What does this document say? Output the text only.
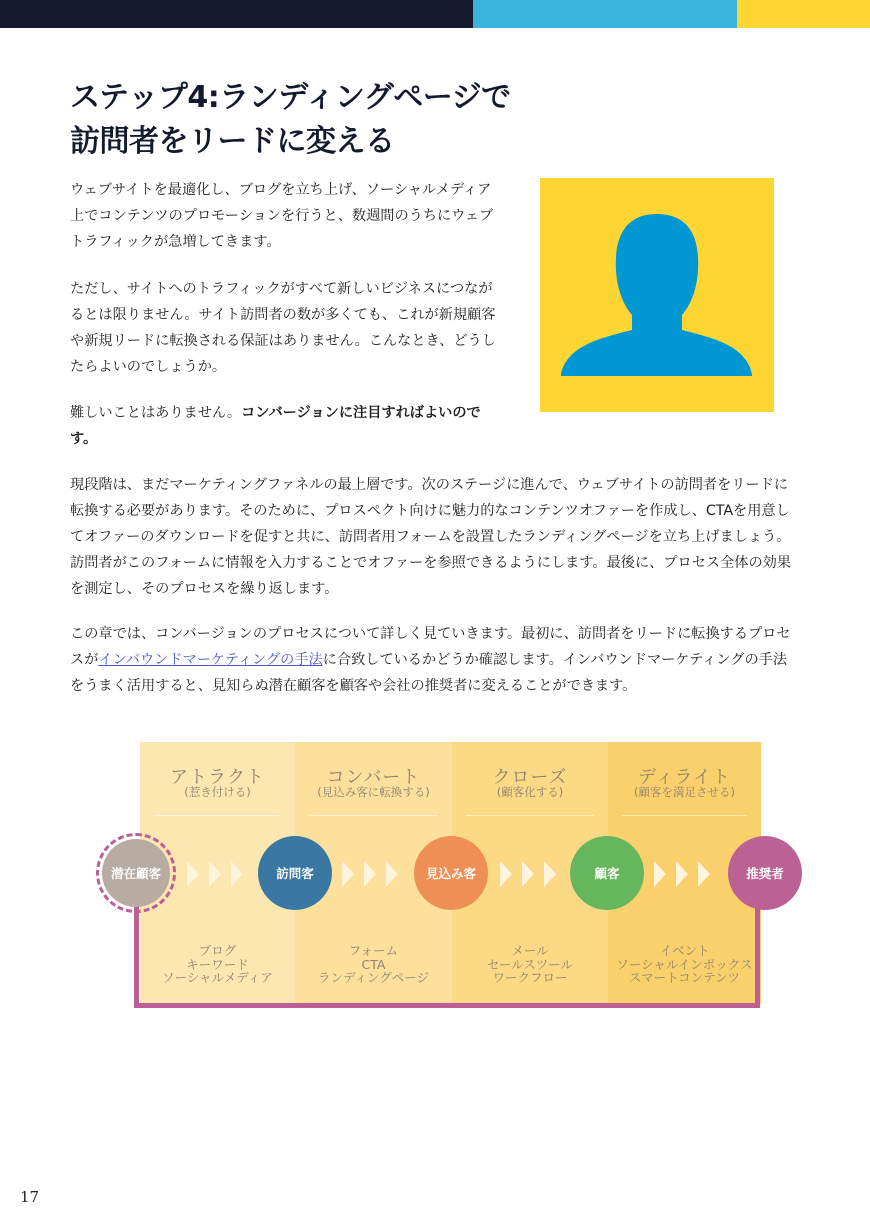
ステップ4:ランディングページで
訪問者をリードに変える

ウェブサイトを最適化し、ブログを立ち上げ、ソーシャルメディア上でコンテンツのプロモーションを行うと、数週間のうちにウェブトラフィックが急増してきます。

ただし、サイトへのトラフィックがすべて新しいビジネスにつながるとは限りません。サイト訪問者の数が多くても、これが新規顧客や新規リードに転換される保証はありません。こんなとき、どうしたらよいのでしょうか。

難しいことはありません。コンバージョンに注目すればよいのです。

現段階は、まだマーケティングファネルの最上層です。次のステージに進んで、ウェブサイトの訪問者をリードに転換する必要があります。そのために、プロスペクト向けに魅力的なコンテンツオファーを作成し、CTAを用意してオファーのダウンロードを促すと共に、訪問者用フォームを設置したランディングページを立ち上げましょう。訪問者がこのフォームに情報を入力することでオファーを参照できるようにします。最後に、プロセス全体の効果を測定し、そのプロセスを繰り返します。

この章では、コンバージョンのプロセスについて詳しく見ていきます。最初に、訪問者をリードに転換するプロセスがインバウンドマーケティングの手法に合致しているかどうか確認します。インバウンドマーケティングの手法をうまく活用すると、見知らぬ潜在顧客を顧客や会社の推奨者に変えることができます。

アトラクト
(惹き付ける)
ブログ
キーワード
ソーシャルメディア
コンバート
(見込み客に転換する)
フォーム
CTA
ランディングページ
クローズ
(顧客化する)
メール
セールスツール
ワークフロー
ディライト
(顧客を満足させる)
イベント
ソーシャルインボックス
スマートコンテンツ
潜在顧客	訪問客	見込み客	顧客	推奨者
17
